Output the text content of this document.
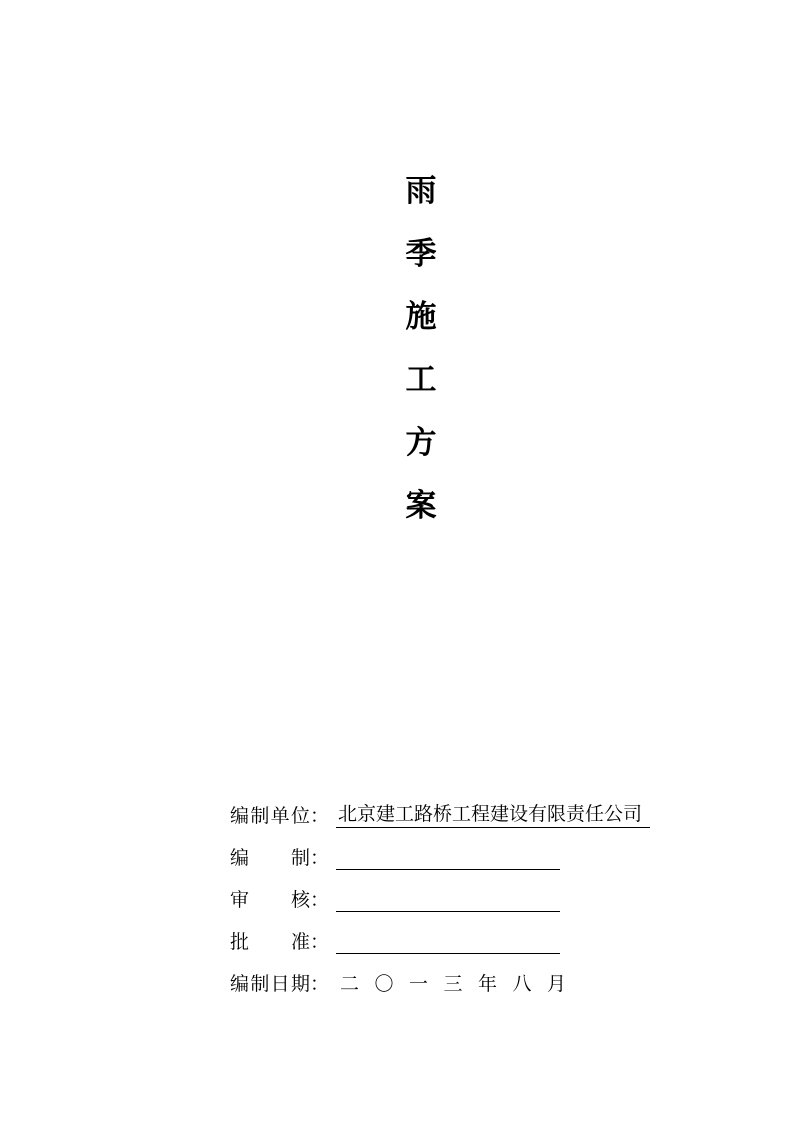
雨
季
施
工
方
案
编 制 单 位 ： 北京建工路桥工程建设有限责任公司
编 制 ：
审 核 ：
批 准 ：
编 制 日 期 ： 二 〇 一 三 年 八 月
